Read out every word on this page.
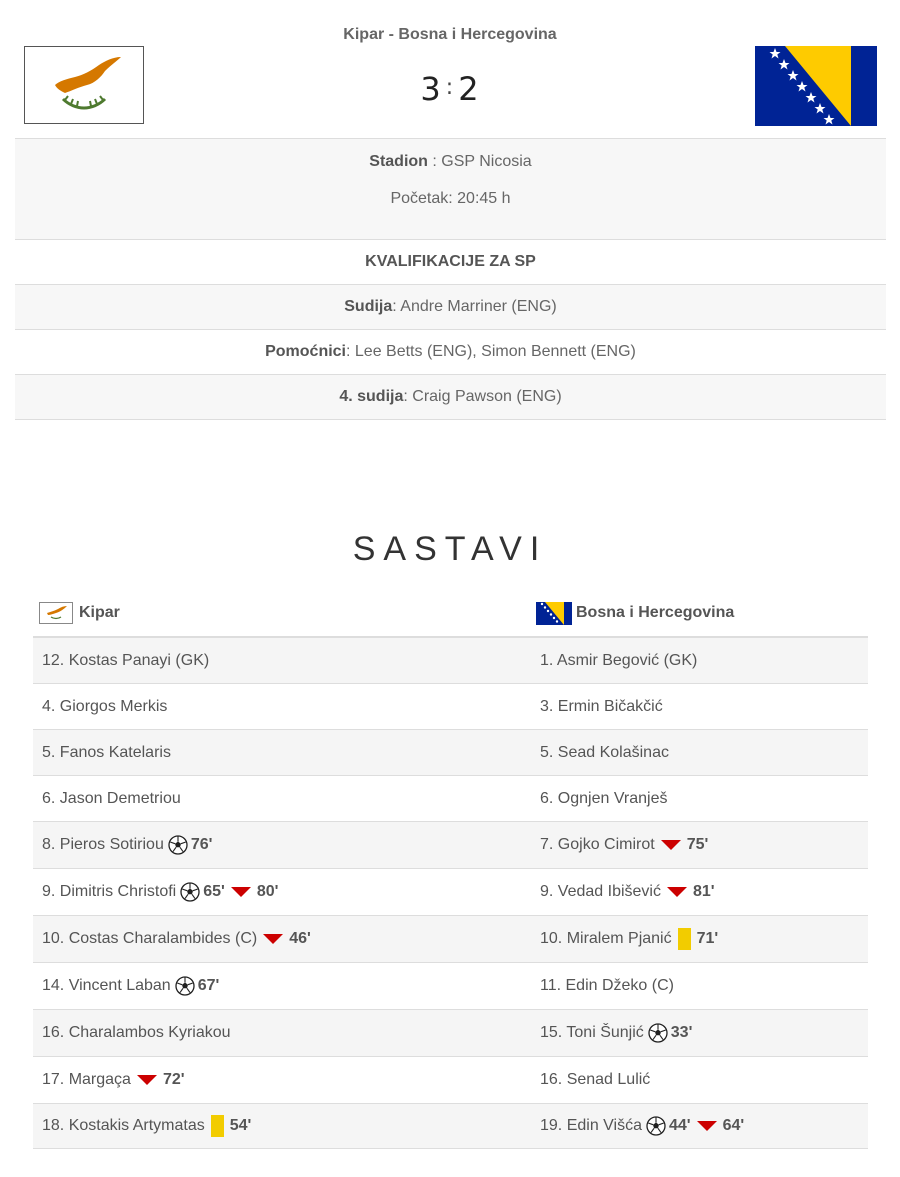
Kipar - Bosna i Hercegovina
3 : 2
Stadion : GSP Nicosia
Početak: 20:45 h
KVALIFIKACIJE ZA SP
Sudija: Andre Marriner (ENG)
Pomoćnici: Lee Betts (ENG), Simon Bennett (ENG)
4. sudija: Craig Pawson (ENG)
SASTAVI
Kipar	Bosna i Hercegovina
12. Kostas Panayi (GK)	1. Asmir Begović (GK)
4. Giorgos Merkis	3. Ermin Bičakčić
5. Fanos Katelaris	5. Sead Kolašinac
6. Jason Demetriou	6. Ognjen Vranješ
8. Pieros Sotiriou 76'	7. Gojko Cimirot 75'
9. Dimitris Christofi 65' 80'	9. Vedad Ibišević 81'
10. Costas Charalambides (C) 46'	10. Miralem Pjanić 71'
14. Vincent Laban 67'	11. Edin Džeko (C)
16. Charalambos Kyriakou	15. Toni Šunjić 33'
17. Margaça 72'	16. Senad Lulić
18. Kostakis Artymatas 54'	19. Edin Višća 44' 64'
